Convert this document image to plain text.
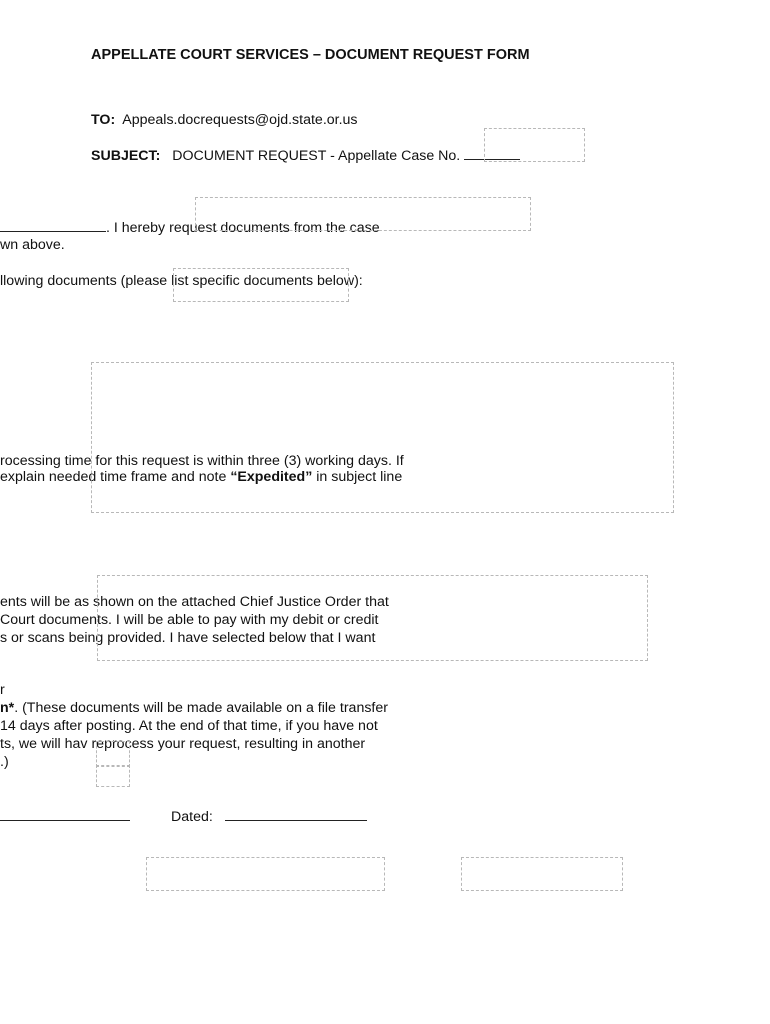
APPELLATE COURT SERVICES – DOCUMENT REQUEST FORM
TO: Appeals.docrequests@ojd.state.or.us
SUBJECT: DOCUMENT REQUEST - Appellate Case No.
. I hereby request documents from the case
wn above.
llowing documents (please list specific documents below):
rocessing time for this request is within three (3) working days. If
explain needed time frame and note “Expedited” in subject line
ents will be as shown on the attached Chief Justice Order that
Court documents. I will be able to pay with my debit or credit
s or scans being provided. I have selected below that I want
r
n*. (These documents will be made available on a file transfer
14 days after posting. At the end of that time, if you have not
ts, we will hav reprocess your request, resulting in another
.)
Dated:
